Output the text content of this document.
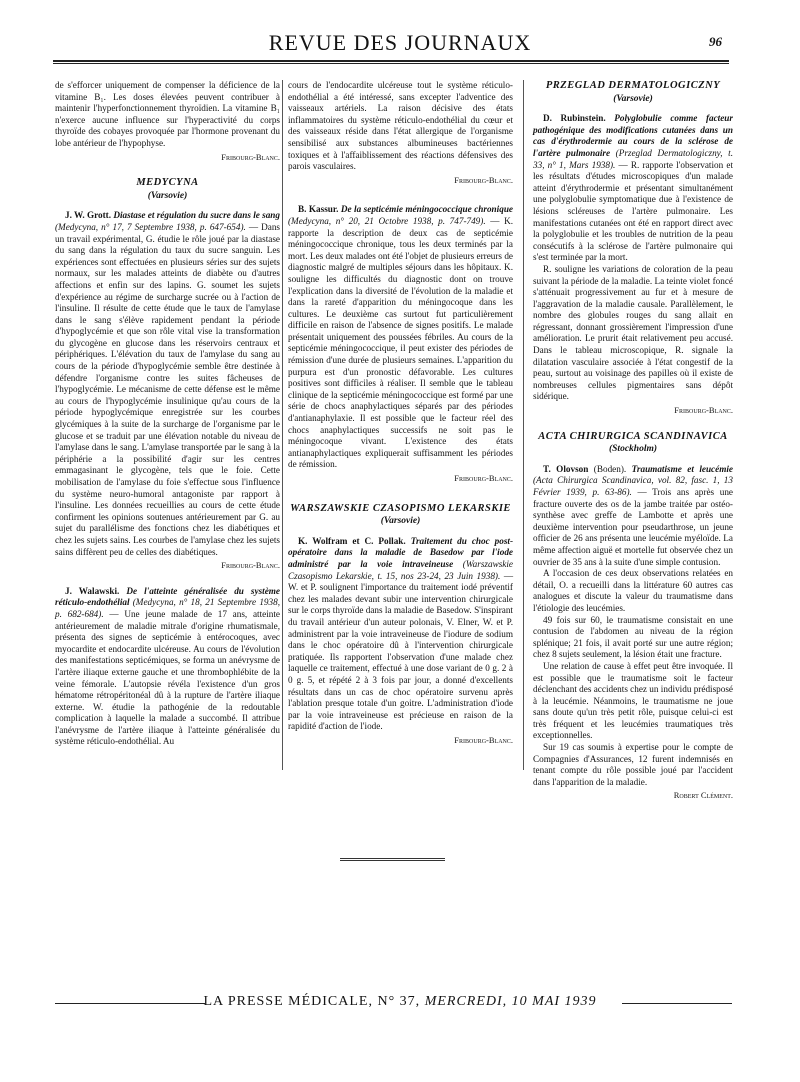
REVUE DES JOURNAUX	96

de s'efforcer uniquement de compenser la déficience de la vitamine B₁. Les doses élevées peuvent contribuer à maintenir l'hyperfonctionnement thyroïdien. La vitamine B₁ n'exerce aucune influence sur l'hyperactivité du corps thyroïde des cobayes provoquée par l'hormone provenant du lobe antérieur de l'hypophyse.

Fribourg-Blanc.

MEDYCYNA

(Varsovie)

J. W. Grott. Diastase et régulation du sucre dans le sang (Medycyna, n° 17, 7 Septembre 1938, p. 647-654). — Dans un travail expérimental, G. étudie le rôle joué par la diastase du sang dans la régulation du taux du sucre sanguin. Les expériences sont effectuées en plusieurs séries sur des sujets normaux, sur les malades atteints de diabète ou d'autres affections et enfin sur des lapins. G. soumet les sujets d'expérience au régime de surcharge sucrée ou à l'action de l'insuline. Il résulte de cette étude que le taux de l'amylase dans le sang s'élève rapidement pendant la période d'hypoglycémie et que son rôle vital vise la transformation du glycogène en glucose dans les réservoirs centraux et périphériques. L'élévation du taux de l'amylase du sang au cours de la période d'hypoglycémie semble être destinée à défendre l'organisme contre les suites fâcheuses de l'hypoglycémie. Le mécanisme de cette défense est le même au cours de l'hypoglycémie insulinique qu'au cours de la période hypoglycémique enregistrée sur les courbes glycémiques à la suite de la surcharge de l'organisme par le glucose et se traduit par une élévation notable du niveau de l'amylase dans le sang. L'amylase transportée par le sang à la périphérie a la possibilité d'agir sur les centres emmagasinant le glycogène, tels que le foie. Cette mobilisation de l'amylase du foie s'effectue sous l'influence du système neuro-humoral antagoniste par rapport à l'insuline. Les données recueillies au cours de cette étude confirment les opinions soutenues antérieurement par G. au sujet du parallélisme des fonctions chez les diabétiques et chez les sujets sains. Les courbes de l'amylase chez les sujets sains diffèrent peu de celles des diabétiques.

Fribourg-Blanc.

J. Walawski. De l'atteinte généralisée du système réticulo-endothélial (Medycyna, n° 18, 21 Septembre 1938, p. 682-684). — Une jeune malade de 17 ans, atteinte antérieurement de maladie mitrale d'origine rhumatismale, présenta des signes de septicémie à entérocoques, avec myocardite et endocardite ulcéreuse. Au cours de l'évolution des manifestations septicémiques, se forma un anévrysme de l'artère iliaque externe gauche et une thrombophlébite de la veine fémorale. L'autopsie révéla l'existence d'un gros hématome rétropéritonéal dû à la rupture de l'artère iliaque externe. W. étudie la pathogénie de la redoutable complication à laquelle la malade a succombé. Il attribue l'anévrysme de l'artère iliaque à l'atteinte généralisée du système réticulo-endothélial. Au

cours de l'endocardite ulcéreuse tout le système réticulo-endothélial a été intéressé, sans excepter l'adventice des vaisseaux artériels. La raison décisive des états inflammatoires du système réticulo-endothélial du cœur et des vaisseaux réside dans l'état allergique de l'organisme sensibilisé aux substances albumineuses bactériennes toxiques et à l'affaiblissement des réactions défensives des parois vasculaires.

Fribourg-Blanc.

B. Kassur. De la septicémie méningococcique chronique (Medycyna, n° 20, 21 Octobre 1938, p. 747-749). — K. rapporte la description de deux cas de septicémie méningococcique chronique, tous les deux terminés par la mort. Les deux malades ont été l'objet de plusieurs erreurs de diagnostic malgré de multiples séjours dans les hôpitaux. K. souligne les difficultés du diagnostic dont on trouve l'explication dans la diversité de l'évolution de la maladie et dans la rareté d'apparition du méningocoque dans les cultures. Le deuxième cas surtout fut particulièrement difficile en raison de l'absence de signes positifs. Le malade présentait uniquement des poussées fébriles. Au cours de la septicémie méningococcique, il peut exister des périodes de rémission d'une durée de plusieurs semaines. L'apparition du purpura est d'un pronostic défavorable. Les cultures positives sont difficiles à réaliser. Il semble que le tableau clinique de la septicémie méningococcique est formé par une série de chocs anaphylactiques séparés par des périodes d'antianaphylaxie. Il est possible que le facteur réel des chocs anaphylactiques successifs ne soit pas le méningocoque vivant. L'existence des états antianaphylactiques expliquerait suffisamment les périodes de rémission.

Fribourg-Blanc.

WARSZAWSKIE CZASOPISMO LEKARSKIE

(Varsovie)

K. Wolfram et C. Pollak. Traitement du choc post-opératoire dans la maladie de Basedow par l'iode administré par la voie intraveineuse (Warszawskie Czasopismo Lekarskie, t. 15, nos 23-24, 23 Juin 1938). — W. et P. soulignent l'importance du traitement iodé préventif chez les malades devant subir une intervention chirurgicale sur le corps thyroïde dans la maladie de Basedow. S'inspirant du travail antérieur d'un auteur polonais, V. Elner, W. et P. administrent par la voie intraveineuse de l'iodure de sodium dans le choc opératoire dû à l'intervention chirurgicale pratiquée. Ils rapportent l'observation d'une malade chez laquelle ce traitement, effectué à une dose variant de 0 g. 2 à 0 g. 5, et répété 2 à 3 fois par jour, a donné d'excellents résultats dans un cas de choc opératoire survenu après l'ablation presque totale d'un goitre. L'administration d'iode par la voie intraveineuse est précieuse en raison de la rapidité d'action de l'iode.

Fribourg-Blanc.

PRZEGLAD DERMATOLOGICZNY

(Varsovie)

D. Rubinstein. Polyglobulie comme facteur pathogénique des modifications cutanées dans un cas d'érythrodermie au cours de la sclérose de l'artère pulmonaire (Przeglad Dermatologiczny, t. 33, n° 1, Mars 1938). — R. rapporte l'observation et les résultats d'études microscopiques d'un malade atteint d'érythrodermie et présentant simultanément une polyglobulie symptomatique due à l'existence de lésions scléreuses de l'artère pulmonaire. Les manifestations cutanées ont été en rapport direct avec la polyglobulie et les troubles de nutrition de la peau consécutifs à la sclérose de l'artère pulmonaire qui s'est terminée par la mort.

R. souligne les variations de coloration de la peau suivant la période de la maladie. La teinte violet foncé s'atténuait progressivement au fur et à mesure de l'aggravation de la maladie causale. Parallèlement, le nombre des globules rouges du sang allait en régressant, donnant grossièrement l'impression d'une amélioration. Le prurit était relativement peu accusé. Dans le tableau microscopique, R. signale la dilatation vasculaire associée à l'état congestif de la peau, surtout au voisinage des papilles où il existe de nombreuses cellules pigmentaires sans dépôt sidérique.

Fribourg-Blanc.

ACTA CHIRURGICA SCANDINAVICA

(Stockholm)

T. Olovson (Boden). Traumatisme et leucémie (Acta Chirurgica Scandinavica, vol. 82, fasc. 1, 13 Février 1939, p. 63-86). — Trois ans après une fracture ouverte des os de la jambe traitée par ostéo-synthèse avec greffe de Lambotte et après une deuxième intervention pour pseudarthrose, un jeune officier de 26 ans présenta une leucémie myéloïde. La même affection aiguë et mortelle fut observée chez un ouvrier de 35 ans à la suite d'une simple contusion.

A l'occasion de ces deux observations relatées en détail, O. a recueilli dans la littérature 60 autres cas analogues et discute la valeur du traumatisme dans l'étiologie des leucémies.

49 fois sur 60, le traumatisme consistait en une contusion de l'abdomen au niveau de la région splénique; 21 fois, il avait porté sur une autre région; chez 8 sujets seulement, la lésion était une fracture.

Une relation de cause à effet peut être invoquée. Il est possible que le traumatisme soit le facteur déclenchant des accidents chez un individu prédisposé à la leucémie. Néanmoins, le traumatisme ne joue sans doute qu'un très petit rôle, puisque celui-ci est très fréquent et les leucémies traumatiques très exceptionnelles.

Sur 19 cas soumis à expertise pour le compte de Compagnies d'Assurances, 12 furent indemnisés en tenant compte du rôle possible joué par l'accident dans l'apparition de la maladie.

Robert Clément.

LA PRESSE MÉDICALE, N° 37, MERCREDI, 10 MAI 1939
